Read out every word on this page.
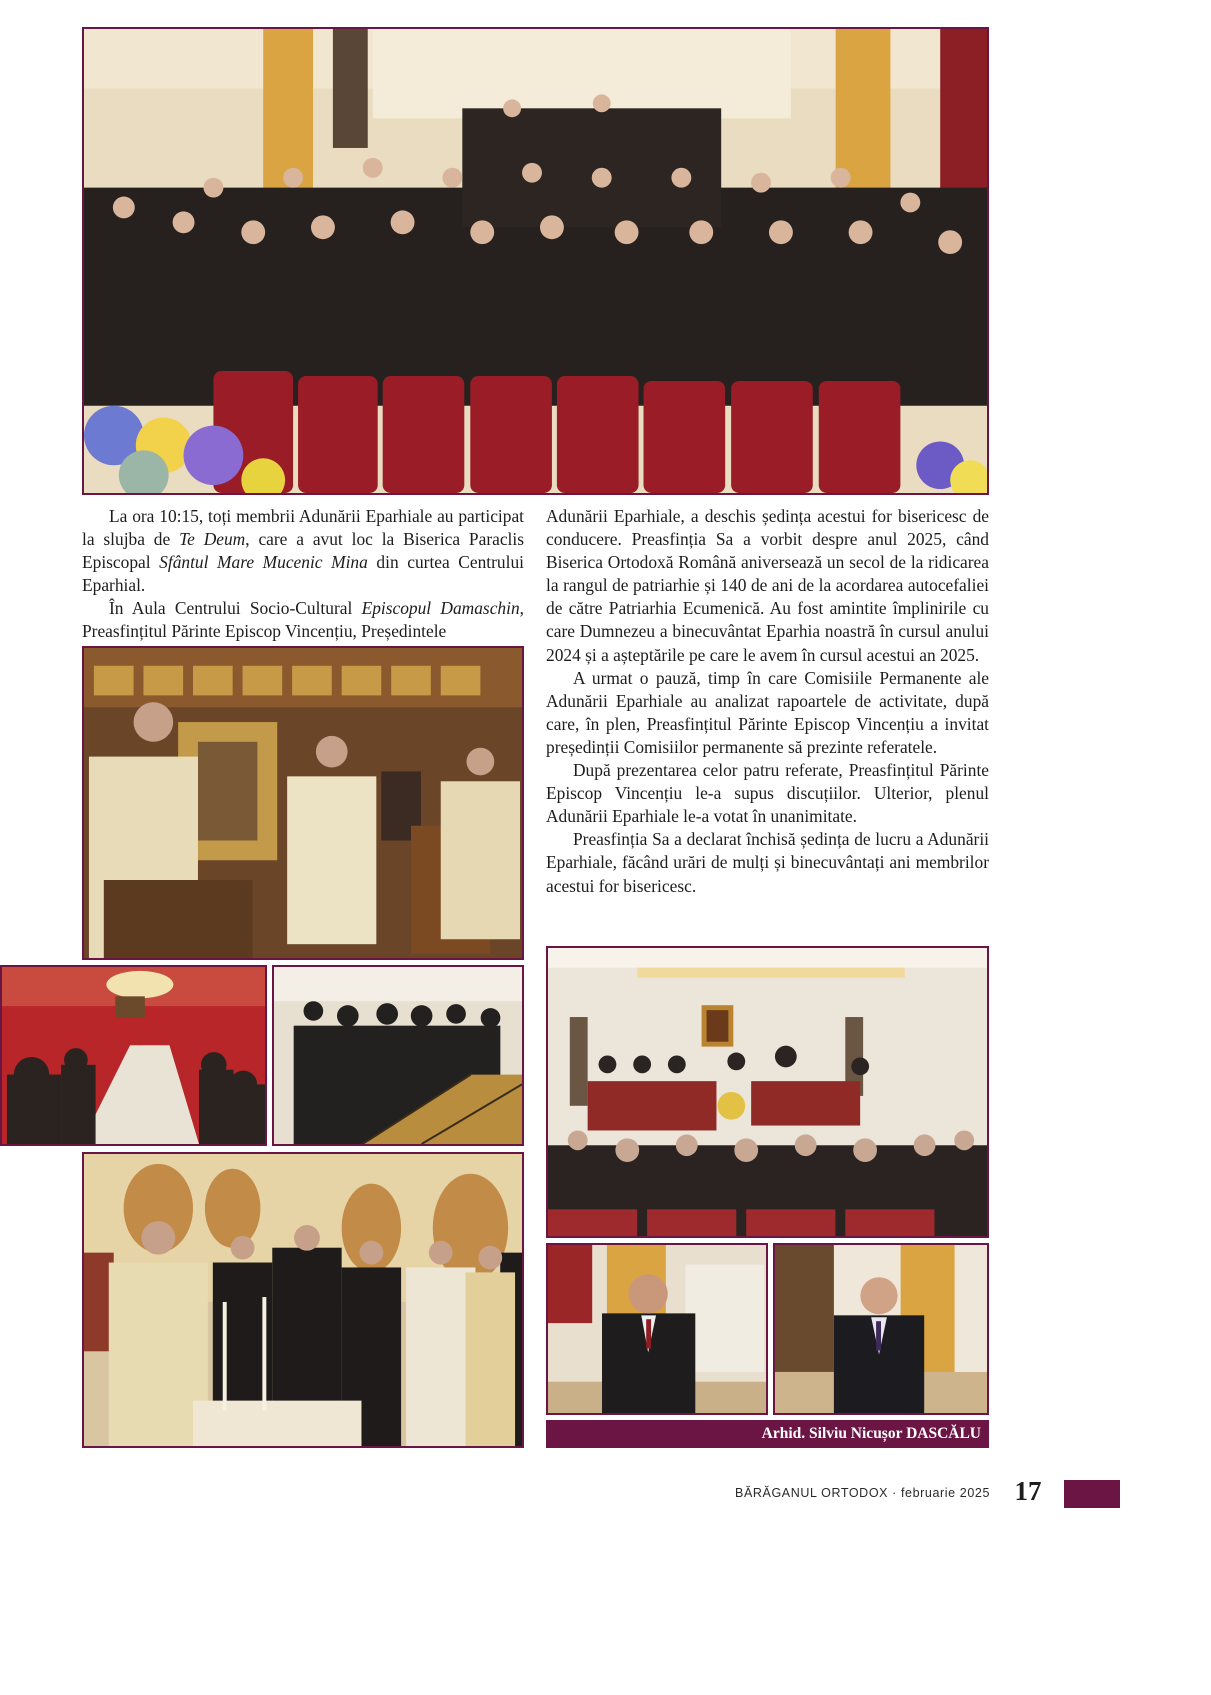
La ora 10:15, toți membrii Adunării Eparhiale au participat la slujba de Te Deum, care a avut loc la Biserica Paraclis Episcopal Sfântul Mare Mucenic Mina din curtea Centrului Eparhial.

În Aula Centrului Socio-Cultural Episcopul Damaschin, Preasfințitul Părinte Episcop Vincențiu, Președintele

Adunării Eparhiale, a deschis ședința acestui for bisericesc de conducere. Preasfinția Sa a vorbit despre anul 2025, când Biserica Ortodoxă Română aniversează un secol de la ridicarea la rangul de patriarhie și 140 de ani de la acordarea autocefaliei de către Patriarhia Ecumenică. Au fost amintite împlinirile cu care Dumnezeu a binecuvântat Eparhia noastră în cursul anului 2024 și a așteptările pe care le avem în cursul acestui an 2025.

A urmat o pauză, timp în care Comisiile Permanente ale Adunării Eparhiale au analizat rapoartele de activitate, după care, în plen, Preasfințitul Părinte Episcop Vincențiu a invitat președinții Comisiilor permanente să prezinte referatele.

După prezentarea celor patru referate, Preasfințitul Părinte Episcop Vincențiu le-a supus discuțiilor. Ulterior, plenul Adunării Eparhiale le-a votat în unanimitate.

Preasfinția Sa a declarat închisă ședința de lucru a Adunării Eparhiale, făcând urări de mulți și binecuvântați ani membrilor acestui for bisericesc.

Arhid. Silviu Nicușor DASCĂLU
BĂRĂGANUL ORTODOX · februarie 2025 17
